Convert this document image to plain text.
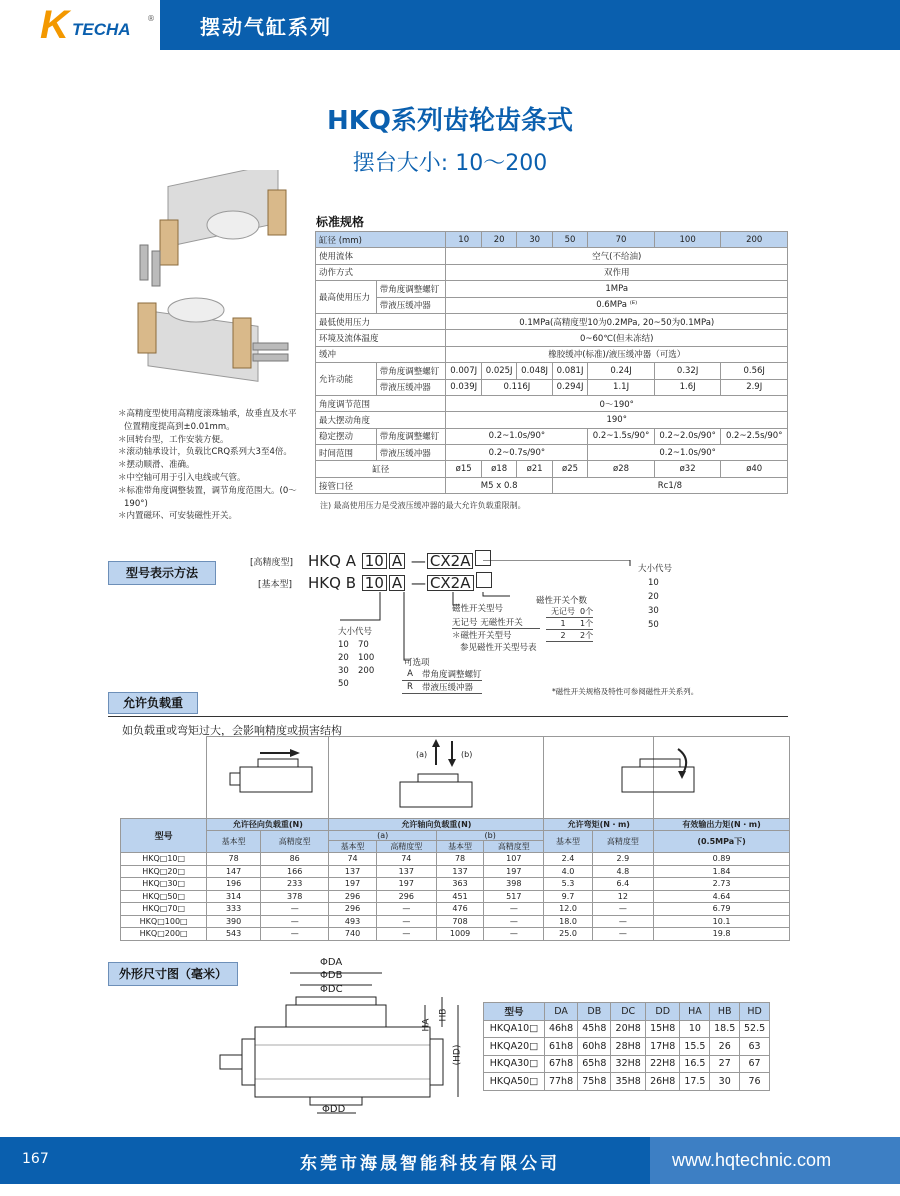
K TECHA
® 摆动气缸系列
HKQ系列齿轮齿条式
摆台大小: 10～200
＊高精度型使用高精度滚珠轴承，故垂直及水平位置精度提高到±0.01mm。
＊回转台型，工作安装方便。
＊滚动轴承设计，负载比CRQ系列大3至4倍。
＊摆动顺滑、准确。
＊中空轴可用于引入电线或气管。
＊标准带角度调整装置，调节角度范围大。(0～190°)
＊内置磁环、可安装磁性开关。
标准规格
缸径 (mm)		10	20	30	50	70	100	200
使用流体		空气(不给油)						
动作方式		双作用						
最高使用压力	带角度调整螺钉	1MPa						
	带液压缓冲器	0.6MPa ⁽ᴱ⁾						
最低使用压力		0.1MPa(高精度型10为0.2MPa, 20~50为0.1MPa)						
环境及流体温度		0~60℃(但未冻结)						
缓冲		橡胶缓冲(标准)/液压缓冲器（可选）						
允许动能	带角度调整螺钉	0.007J	0.025J	0.048J	0.081J	0.24J	0.32J	0.56J
	带液压缓冲器	0.039J	0.116J		0.294J	1.1J	1.6J	2.9J
角度调节范围		0～190°						
最大摆动角度		190°						
稳定摆动	带角度调整螺钉	0.2~1.0s/90°				0.2~1.5s/90°	0.2~2.0s/90°	0.2~2.5s/90°
时间范围	带液压缓冲器	0.2~0.7s/90°				0.2~1.0s/90°		
缸径		ø15	ø18	ø21	ø25	ø28	ø32	ø40
接管口径		M5 x 0.8			Rc1/8			
注) 最高使用压力是受液压缓冲器的最大允许负载重限制。
型号表示方法
[高精度型]
[基本型]
HKQ A 10 A — CX2A
HKQ B 10 A — CX2A
大小代号
10 70
20 100
30 200
50
可选项
A	带角度调整螺钉
R	带液压缓冲器
磁性开关型号
无记号 无磁性开关
＊磁性开关型号
参见磁性开关型号表
磁性开关个数
无记号	0个
1	1个
2	2个
大小代号
10
20
30
50
*磁性开关规格及特性可参阅磁性开关系列。
允许负载重
如负载重或弯矩过大，会影响精度或损害结构

型号	允许径向负载重(N)		允许轴向负载重(N)				允许弯矩(N・m)		有效输出力矩(N・m)
	基本型	高精度型	(a)		(b)		基本型	高精度型	(0.5MPa下)
			基本型	高精度型	基本型	高精度型			
HKQ□10□	78	86	74	74	78	107	2.4	2.9	0.89
HKQ□20□	147	166	137	137	137	197	4.0	4.8	1.84
HKQ□30□	196	233	197	197	363	398	5.3	6.4	2.73
HKQ□50□	314	378	296	296	451	517	9.7	12	4.64
HKQ□70□	333	—	296	—	476	—	12.0	—	6.79
HKQ□100□	390	—	493	—	708	—	18.0	—	10.1
HKQ□200□	543	—	740	—	1009	—	25.0	—	19.8
(a)	(b)
外形尺寸图（毫米）
ΦDA
ΦDB
ΦDC
ΦDD
HA
HB
(HD)
型号	DA	DB	DC	DD	HA	HB	HD
HKQA10□	46h8	45h8	20H8	15H8	10	18.5	52.5
HKQA20□	61h8	60h8	28H8	17H8	15.5	26	63
HKQA30□	67h8	65h8	32H8	22H8	16.5	27	67
HKQA50□	77h8	75h8	35H8	26H8	17.5	30	76
167	东莞市海晟智能科技有限公司	www.hqtechnic.com
